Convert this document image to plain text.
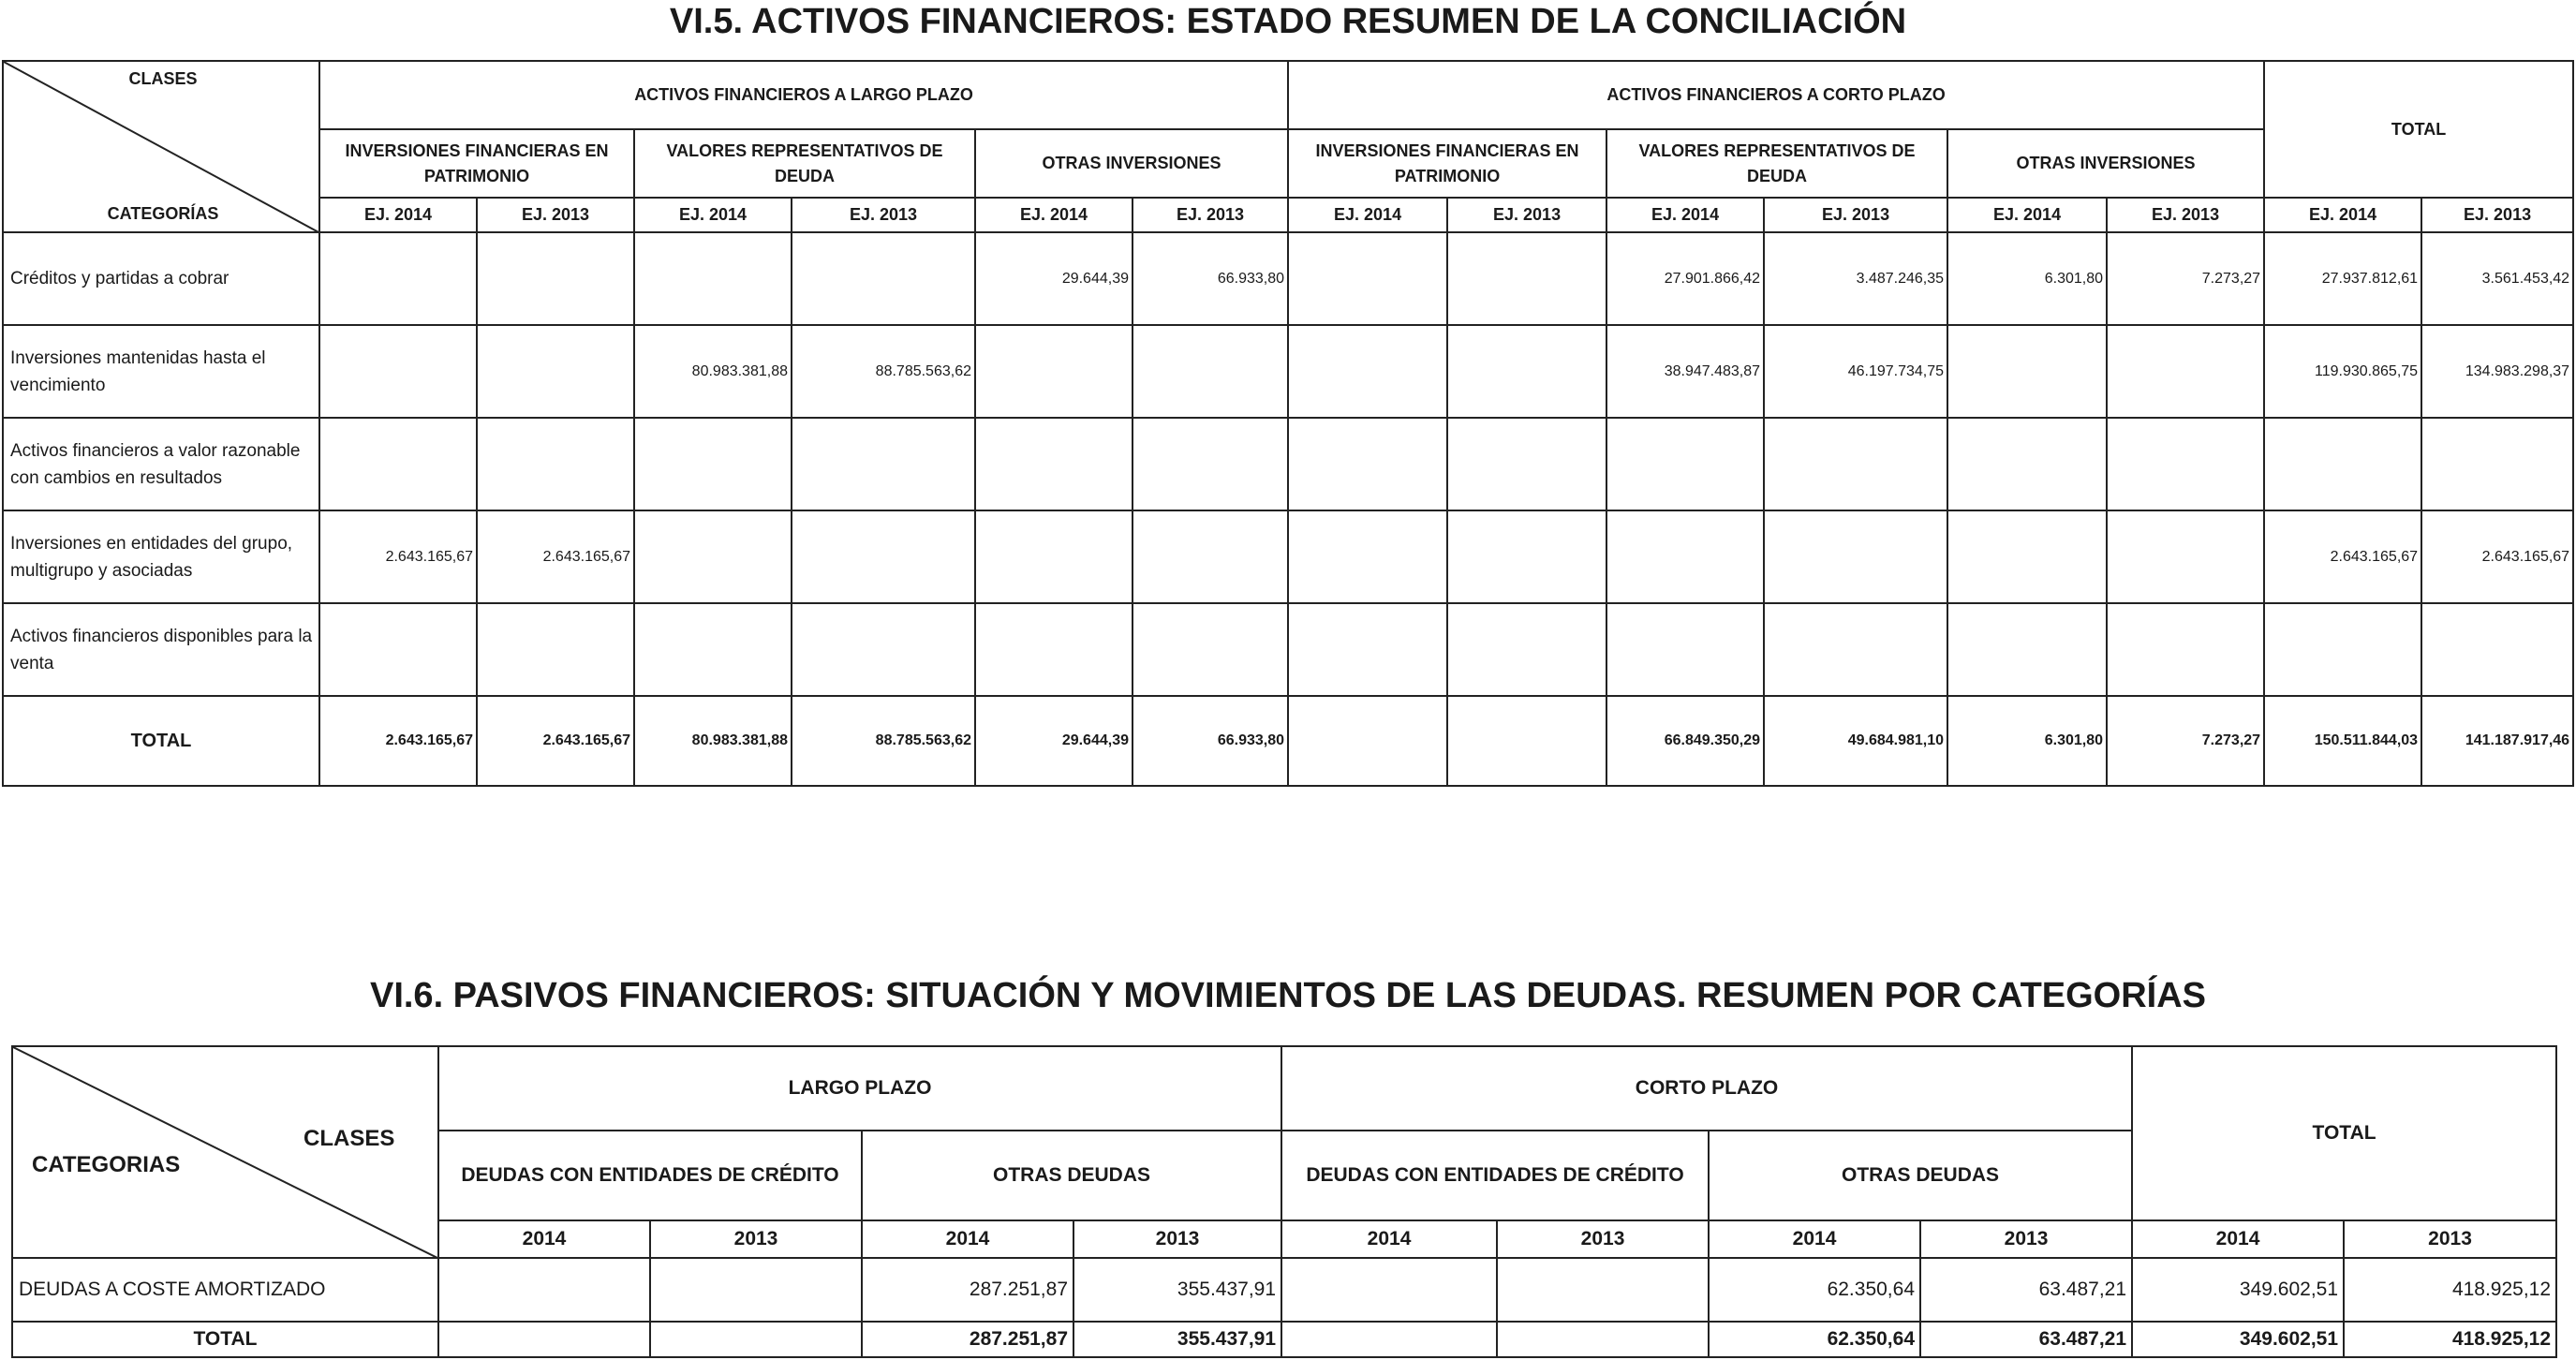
VI.5. ACTIVOS FINANCIEROS: ESTADO RESUMEN DE LA CONCILIACIÓN
CLASES
CATEGORÍAS	ACTIVOS FINANCIEROS A LARGO PLAZO						ACTIVOS FINANCIEROS A CORTO PLAZO						TOTAL	
	INVERSIONES FINANCIERAS EN PATRIMONIO		VALORES REPRESENTATIVOS DE DEUDA		OTRAS INVERSIONES		INVERSIONES FINANCIERAS EN PATRIMONIO		VALORES REPRESENTATIVOS DE DEUDA		OTRAS INVERSIONES			
	EJ. 2014	EJ. 2013	EJ. 2014	EJ. 2013	EJ. 2014	EJ. 2013	EJ. 2014	EJ. 2013	EJ. 2014	EJ. 2013	EJ. 2014	EJ. 2013	EJ. 2014	EJ. 2013
Créditos y partidas a cobrar					29.644,39	66.933,80			27.901.866,42	3.487.246,35	6.301,80	7.273,27	27.937.812,61	3.561.453,42
Inversiones mantenidas hasta el vencimiento			80.983.381,88	88.785.563,62					38.947.483,87	46.197.734,75			119.930.865,75	134.983.298,37
Activos financieros a valor razonable con cambios en resultados														
Inversiones en entidades del grupo, multigrupo y asociadas	2.643.165,67	2.643.165,67											2.643.165,67	2.643.165,67
Activos financieros disponibles para la venta														
TOTAL	2.643.165,67	2.643.165,67	80.983.381,88	88.785.563,62	29.644,39	66.933,80			66.849.350,29	49.684.981,10	6.301,80	7.273,27	150.511.844,03	141.187.917,46
VI.6. PASIVOS FINANCIEROS: SITUACIÓN Y MOVIMIENTOS DE LAS DEUDAS. RESUMEN POR CATEGORÍAS
CLASES
CATEGORIAS	LARGO PLAZO				CORTO PLAZO				TOTAL	
	DEUDAS CON ENTIDADES DE CRÉDITO		OTRAS DEUDAS		DEUDAS CON ENTIDADES DE CRÉDITO		OTRAS DEUDAS			
	2014	2013	2014	2013	2014	2013	2014	2013	2014	2013
DEUDAS A COSTE AMORTIZADO			287.251,87	355.437,91			62.350,64	63.487,21	349.602,51	418.925,12
TOTAL			287.251,87	355.437,91			62.350,64	63.487,21	349.602,51	418.925,12
